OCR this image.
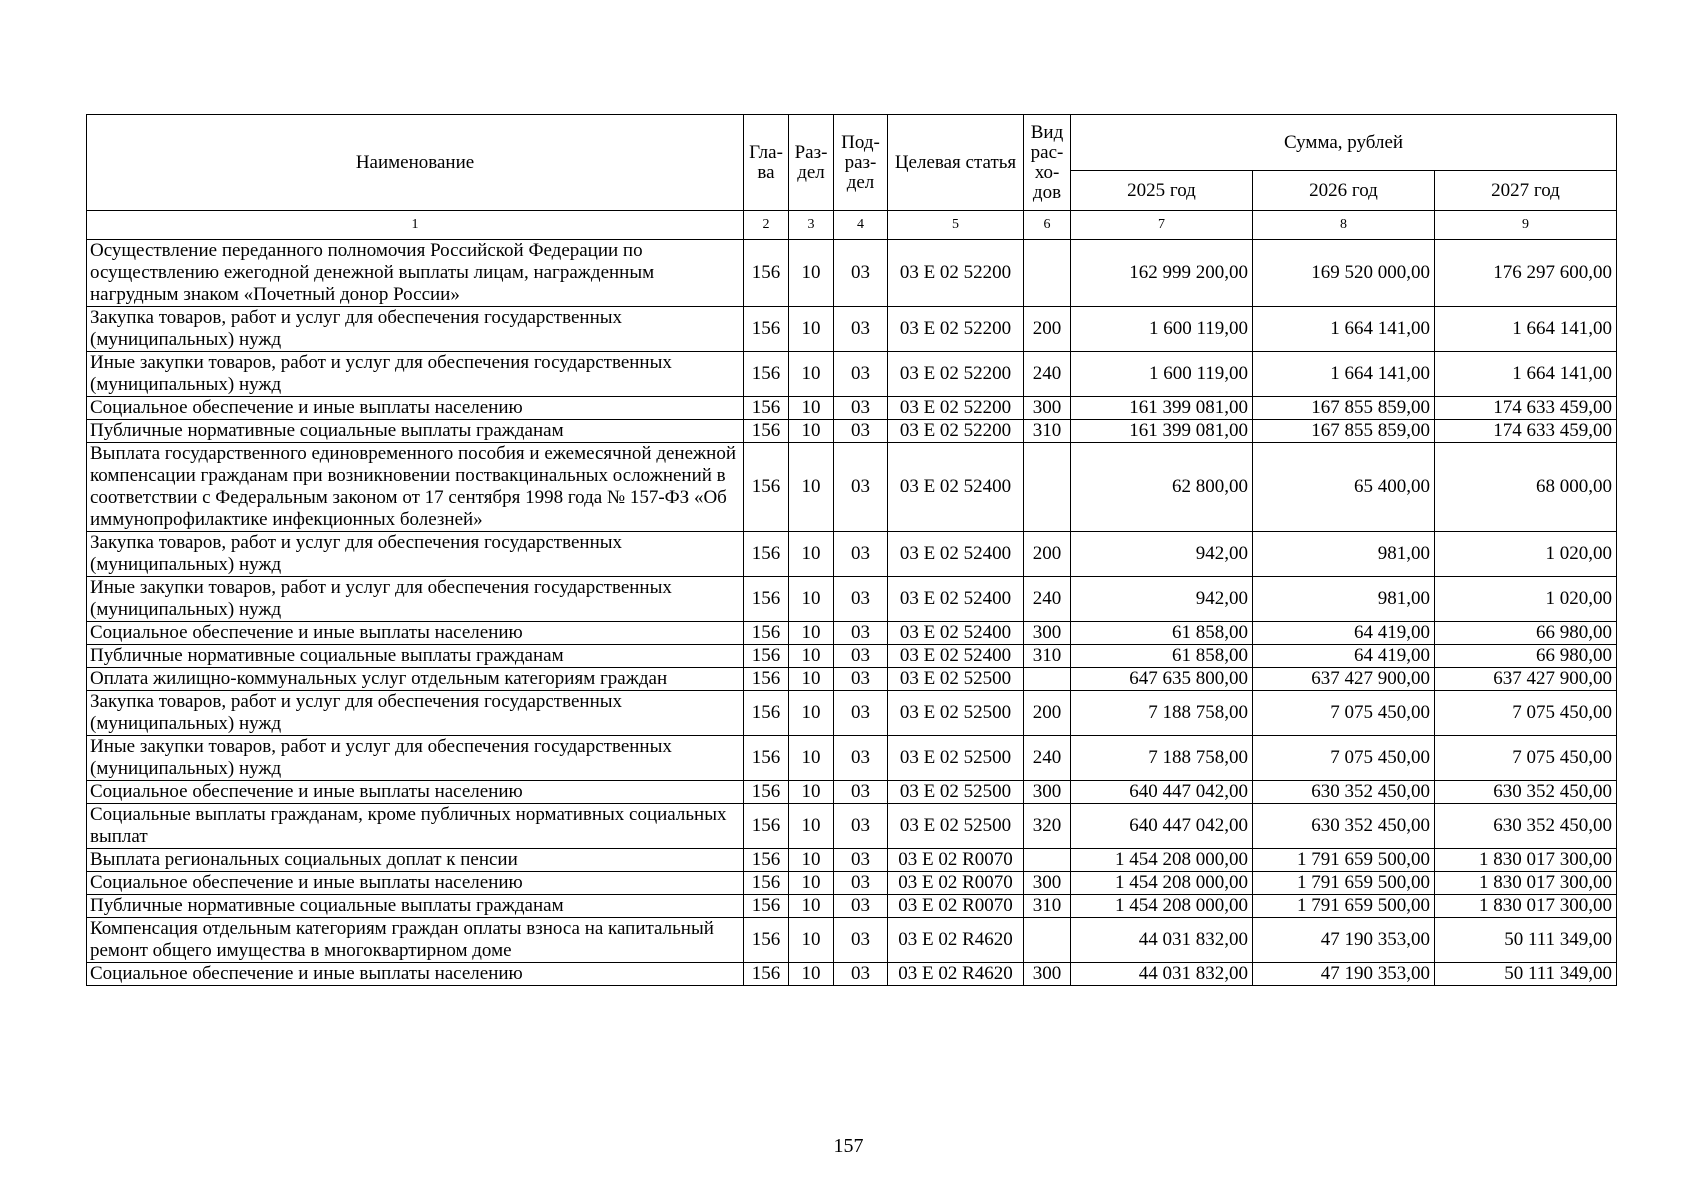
Наименование	Гла-ва	Раз-дел	Под-раз-дел	Целевая статья	Вид рас-хо-дов	Сумма, рублей		
						2025 год	2026 год	2027 год
1	2	3	4	5	6	7	8	9
Осуществление переданного полномочия Российской Федерации по осуществлению ежегодной денежной выплаты лицам, награжденным нагрудным знаком «Почетный донор России»	156	10	03	03 Е 02 52200		162 999 200,00	169 520 000,00	176 297 600,00
Закупка товаров, работ и услуг для обеспечения государственных (муниципальных) нужд	156	10	03	03 Е 02 52200	200	1 600 119,00	1 664 141,00	1 664 141,00
Иные закупки товаров, работ и услуг для обеспечения государственных (муниципальных) нужд	156	10	03	03 Е 02 52200	240	1 600 119,00	1 664 141,00	1 664 141,00
Социальное обеспечение и иные выплаты населению	156	10	03	03 Е 02 52200	300	161 399 081,00	167 855 859,00	174 633 459,00
Публичные нормативные социальные выплаты гражданам	156	10	03	03 Е 02 52200	310	161 399 081,00	167 855 859,00	174 633 459,00
Выплата государственного единовременного пособия и ежемесячной денежной компенсации гражданам при возникновении поствакцинальных осложнений в соответствии с Федеральным законом от 17 сентября 1998 года № 157-ФЗ «Об иммунопрофилактике инфекционных болезней»	156	10	03	03 Е 02 52400		62 800,00	65 400,00	68 000,00
Закупка товаров, работ и услуг для обеспечения государственных (муниципальных) нужд	156	10	03	03 Е 02 52400	200	942,00	981,00	1 020,00
Иные закупки товаров, работ и услуг для обеспечения государственных (муниципальных) нужд	156	10	03	03 Е 02 52400	240	942,00	981,00	1 020,00
Социальное обеспечение и иные выплаты населению	156	10	03	03 Е 02 52400	300	61 858,00	64 419,00	66 980,00
Публичные нормативные социальные выплаты гражданам	156	10	03	03 Е 02 52400	310	61 858,00	64 419,00	66 980,00
Оплата жилищно-коммунальных услуг отдельным категориям граждан	156	10	03	03 Е 02 52500		647 635 800,00	637 427 900,00	637 427 900,00
Закупка товаров, работ и услуг для обеспечения государственных (муниципальных) нужд	156	10	03	03 Е 02 52500	200	7 188 758,00	7 075 450,00	7 075 450,00
Иные закупки товаров, работ и услуг для обеспечения государственных (муниципальных) нужд	156	10	03	03 Е 02 52500	240	7 188 758,00	7 075 450,00	7 075 450,00
Социальное обеспечение и иные выплаты населению	156	10	03	03 Е 02 52500	300	640 447 042,00	630 352 450,00	630 352 450,00
Социальные выплаты гражданам, кроме публичных нормативных социальных выплат	156	10	03	03 Е 02 52500	320	640 447 042,00	630 352 450,00	630 352 450,00
Выплата региональных социальных доплат к пенсии	156	10	03	03 Е 02 R0070		1 454 208 000,00	1 791 659 500,00	1 830 017 300,00
Социальное обеспечение и иные выплаты населению	156	10	03	03 Е 02 R0070	300	1 454 208 000,00	1 791 659 500,00	1 830 017 300,00
Публичные нормативные социальные выплаты гражданам	156	10	03	03 Е 02 R0070	310	1 454 208 000,00	1 791 659 500,00	1 830 017 300,00
Компенсация отдельным категориям граждан оплаты взноса на капитальный ремонт общего имущества в многоквартирном доме	156	10	03	03 Е 02 R4620		44 031 832,00	47 190 353,00	50 111 349,00
Социальное обеспечение и иные выплаты населению	156	10	03	03 Е 02 R4620	300	44 031 832,00	47 190 353,00	50 111 349,00
157
